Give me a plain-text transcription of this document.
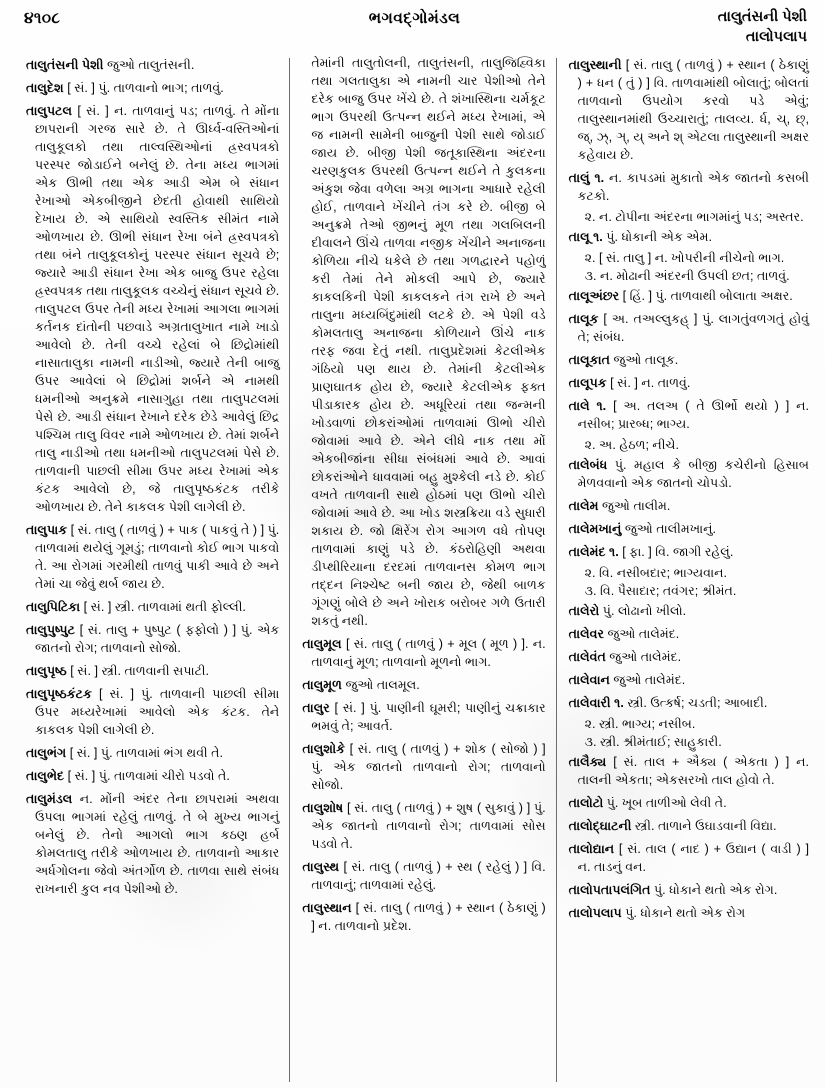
૪૧૦૮	ભગવદ્ગોમંડલ	તાલુતંસની પેશી
તાલોપલાપ

તાલુતંસની પેશી જુઓ તાલુતંસની.

તાલુદેશ [ સં. ] પું. તાળવાનો ભાગ; તાળવું.

તાલુપટલ [ સં. ] ન. તાળવાનું પડ; તાળવું. તે મોંના છાપરાની ગરજ સારે છે. તે ઊર્ધ્વ-વસ્તિઓનાં તાલુકૂલકો તથા તાલ્વસ્થિઓનાં હ્રસ્વપત્રકો પરસ્પર જોડાઈને બનેલું છે. તેના મધ્ય ભાગમાં એક ઊભી તથા એક આડી એમ બે સંધાન રેખાઓ એકબીજીને છેદતી હોવાથી સાથિયો દેખાય છે. એ સાથિયો સ્વસ્તિક સીમંત નામે ઓળખાય છે. ઊભી સંધાન રેખા બંને હ્રસ્વપત્રકો તથા બંને તાલુકૂલકોનું પરસ્પર સંધાન સૂચવે છે; જ્યારે આડી સંધાન રેખા એક બાજુ ઉપર રહેલા હ્રસ્વપત્રક તથા તાલુકૂલક વચ્ચેનું સંધાન સૂચવે છે. તાલુપટલ ઉપર તેની મધ્ય રેખામાં આગલા ભાગમાં કર્તનક દાંતોની પછવાડે અગ્રતાલુખાત નામે ખાડો આવેલો છે. તેની વચ્ચે રહેલાં બે છિદ્રોમાંથી નાસાતાલુકા નામની નાડીઓ, જ્યારે તેની બાજુ ઉપર આવેલાં બે છિદ્રોમાં શર્બને એ નામથી ધમનીઓ અનુક્રમે નાસાગુહા તથા તાલુપટલમાં પેસે છે. આડી સંધાન રેખાને દરેક છેડે આવેલું છિદ્ર પશ્ચિમ તાલુ વિવર નામે ઓળખાય છે. તેમાં શર્બને તાલુ નાડીઓ તથા ધમનીઓ તાલુપટલમાં પેસે છે. તાળવાની પાછલી સીમા ઉપર મધ્ય રેખામાં એક કંટક આવેલો છે, જે તાલુપૃષ્ઠકંટક તરીકે ઓળખાય છે. તેને કાકલક પેશી લાગેલી છે.

તાલુપાક [ સં. તાલુ ( તાળવું ) + પાક ( પાકવું તે ) ] પું. તાળવામાં થયેલું ગૂમડું; તાળવાનો કોઈ ભાગ પાકવો તે. આ રોગમાં ગરમીથી તાળવું પાકી આવે છે અને તેમાં ચા જેવું થર્બ જાય છે.

તાલુપિટિકા [ સં. ] સ્ત્રી. તાળવામાં થતી ફોલ્લી.

તાલુપુષ્પુટ [ સં. તાલુ + પુષ્પુટ ( ફફોલો ) ] પું. એક જાતનો રોગ; તાળવાનો સોજો.

તાલુપૃષ્ઠ [ સં. ] સ્ત્રી. તાળવાની સપાટી.

તાલુપૃષ્ઠકંટક [ સં. ] પું. તાળવાની પાછલી સીમા ઉપર મધ્યરેખામાં આવેલો એક કંટક. તેને કાકલક પેશી લાગેલી છે.

તાલુભંગ [ સં. ] પું. તાળવામાં ભંગ થવી તે.

તાલુભેદ [ સં. ] પું. તાળવામાં ચીરો પડવો તે.

તાલુમંડલ ન. મોંની અંદર તેના છાપરામાં અથવા ઉપલા ભાગમાં રહેલું તાળવું. તે બે મુખ્ય ભાગનું બનેલું છે. તેનો આગલો ભાગ કઠણ હર્બ કોમલતાલુ તરીકે ઓળખાય છે. તાળવાનો આકાર અર્ધગોલના જેવો અંતર્ગોળ છે. તાળવા સાથે સંબંધ રાખનારી કુલ નવ પેશીઓ છે.

તેમાંની તાલુતોલની, તાલુતંસની, તાલુજિહ્વિકા તથા ગલતાલુકા એ નામની ચાર પેશીઓ તેને દરેક બાજુ ઉપર ખેંચે છે. તે શંખાસ્થિના ચર્મકૂટ ભાગ ઉપરથી ઉત્પન્ન થઈને મધ્ય રેખામાં, એ જ નામની સામેની બાજુની પેશી સાથે જોડાઈ જાય છે. બીજી પેશી જતૂકાસ્થિના અંદરના ચરણકુલક ઉપરથી ઉત્પન્ન થઈને તે કુલકના અંકુશ જેવા વળેલા અગ્ર ભાગના આધારે રહેલી હોઈ, તાળવાને ખેંચીને તંગ કરે છે. બીજી બે અનુક્રમે તેઓ જીભનું મૂળ તથા ગલબિલની દીવાલને ઊંચે તાળવા નજીક ખેંચીને અનાજના કોળિયા નીચે ધકેલે છે તથા ગળદ્વારને પહોળું કરી તેમાં તેને મોકલી આપે છે, જ્યારે કાકલકિની પેશી કાકલકને તંગ રાખે છે અને તાલુના મધ્યબિંદુમાંથી લટકે છે. એ પેશી વડે કોમલતાલુ અનાજના કોળિયાને ઊંચે નાક તરફ જવા દેતું નથી. તાલુપ્રદેશમાં કેટલીએક ગંઠિયો પણ થાય છે. તેમાંની કેટલીએક પ્રાણઘાતક હોય છે, જ્યારે કેટલીએક ફક્ત પીડાકારક હોય છે. અધૂરિયાં તથા જન્મની ખોડવાળાં છોકરાંઓમાં તાળવામાં ઊભો ચીરો જોવામાં આવે છે. એને લીધે નાક તથા મોં એકબીજાંના સીધા સંબંધમાં આવે છે. આવાં છોકરાંઓને ધાવવામાં બહુ મુશ્કેલી નડે છે. કોઈ વખતે તાળવાની સાથે હોઠમાં પણ ઊભો ચીરો જોવામાં આવે છે. આ ખોડ શસ્ત્રક્રિયા વડે સુધારી શકાય છે. જો ક્ષિરેંગ રોગ આગળ વધે તોપણ તાળવામાં કાણું પડે છે. કંઠરોહિણી અથવા ડીપ્થીરિયાના દરદમાં તાળવાનસ કોમળ ભાગ તદ્દન નિશ્ચેષ્ટ બની જાય છે, જેથી બાળક ગૂંગણું બોલે છે અને ખોરાક બરોબર ગળે ઉતારી શકતું નથી.

તાલુમૂલ [ સં. તાલુ ( તાળવું ) + મૂલ ( મૂળ ) ]. ન. તાળવાનું મૂળ; તાળવાનો મૂળનો ભાગ.

તાલુમૂળ જુઓ તાલમૂલ.

તાલુર [ સં. ] પું. પાણીની ઘૂમરી; પાણીનું ચક્રાકાર ભમવું તે; આવર્ત.

તાલુશોકે [ સં. તાલુ ( તાળવું ) + શોક ( સોજો ) ] પું. એક જાતનો તાળવાનો રોગ; તાળવાનો સોજો.

તાલુશોષ [ સં. તાલુ ( તાળવું ) + શુષ ( સુકાવું ) ] પું. એક જાતનો તાળવાનો રોગ; તાળવામાં સોસ પડવો તે.

તાલુસ્થ [ સં. તાલુ ( તાળવું ) + સ્થ ( રહેલું ) ] વિ. તાળવાનું; તાળવામાં રહેલું.

તાલુસ્થાન [ સં. તાલુ ( તાળવું ) + સ્થાન ( ઠેકાણું ) ] ન. તાળવાનો પ્રદેશ.

તાલુસ્થાની [ સં. તાલુ ( તાળવું ) + સ્થાન ( ઠેકાણું ) + ધન ( તું ) ] વિ. તાળવામાંથી બોલાતું; બોલતાં તાળવાનો ઉપયોગ કરવો પડે એવું; તાલુસ્થાનમાંથી ઉચ્ચારાતું; તાલવ્ય. ર્ધ, ચ્, છ્, જ્, ઝ્, ઞ્, ય્ અને શ્ એટલા તાલુસ્થાની અક્ષર કહેવાય છે.

તાલું ૧. ન. કાપડમાં મુકાતો એક જાતનો કસબી કટકો.

૨. ન. ટોપીના અંદરના ભાગમાંનું પડ; અસ્તર.

તાલૂ ૧. પું. ધોકાની એક એમ.

૨. [ સં. તાલુ ] ન. ખોપરીની નીચેનો ભાગ.

૩. ન. મોઢાની અંદરની ઉપલી છત; તાળવું.

તાલૂઅંછર [ હિં. ] પું. તાળવાથી બોલાતા અક્ષર.

તાલૂક [ અ. તઅલ્લુકહ્ ] પું. લાગતુંવળગતું હોવું તે; સંબંધ.

તાલૂકાત જુઓ તાલૂક.

તાલૂપક [ સં. ] ન. તાળવું.

તાલે ૧. [ અ. તલઅ ( તે ઊર્ભો થયો ) ] ન. નસીબ; પ્રારબ્ધ; ભાગ્ય.

૨. અ. હેઠળ; નીચે.

તાલેબંધ પું. મહાલ કે બીજી કચેરીનો હિસાબ મેળવવાનો એક જાતનો ચોપડો.

તાલેમ જુઓ તાલીમ.

તાલેમખાનું જુઓ તાલીમખાનું.

તાલેમંદ ૧. [ ફા. ] વિ. જાગી રહેલું.

૨. વિ. નસીબદાર; ભાગ્યવાન.

૩. વિ. પૈસાદાર; તવંગર; શ્રીમંત.

તાલેરો પું. લોઢાનો ખીલો.

તાલેવર જુઓ તાલેમંદ.

તાલેવંત જુઓ તાલેમંદ.

તાલેવાન જુઓ તાલેમંદ.

તાલેવારી ૧. સ્ત્રી. ઉત્કર્ષ; ચડતી; આબાદી.

૨. સ્ત્રી. ભાગ્ય; નસીબ.

૩. સ્ત્રી. શ્રીમંતાઈ; સાહુકારી.

તાલૈક્ય [ સં. તાલ + ઐક્ય ( એકતા ) ] ન. તાલની એકતા; એકસરખો તાલ હોવો તે.

તાલોટો પું. ખૂબ તાળીઓ લેવી તે.

તાલોદ્ઘાટની સ્ત્રી. તાળાને ઉઘાડવાની વિદ્યા.

તાલોદ્યાન [ સં. તાલ ( નાદ ) + ઉદ્યાન ( વાડી ) ] ન. તાડનું વન.

તાલોપતાપલંગિત પું. ધોકાને થતો એક રોગ.

તાલોપલાપ પું. ધોકાને થતો એક રોગ
